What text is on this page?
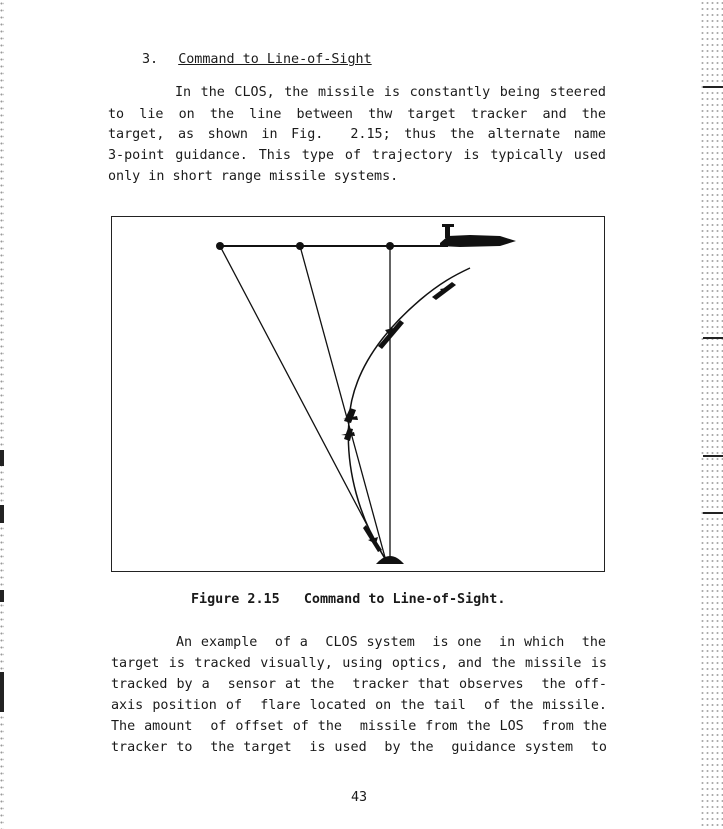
3. Command to Line-of-Sight
In the CLOS, the missile is constantly being steered
to lie on the line between thw target tracker and the
target, as shown in Fig.  2.15; thus the alternate name
3-point guidance. This type of trajectory is typically used
only in short range missile systems.
Figure 2.15   Command to Line-of-Sight.
An example  of a  CLOS system  is one  in which  the
target is tracked visually, using optics, and the missile is
tracked by a  sensor at the  tracker that observes  the off-
axis position of  flare located on the tail  of the missile.
The amount  of offset of the  missile from the LOS  from the
tracker to  the target  is used  by the  guidance system  to
43
